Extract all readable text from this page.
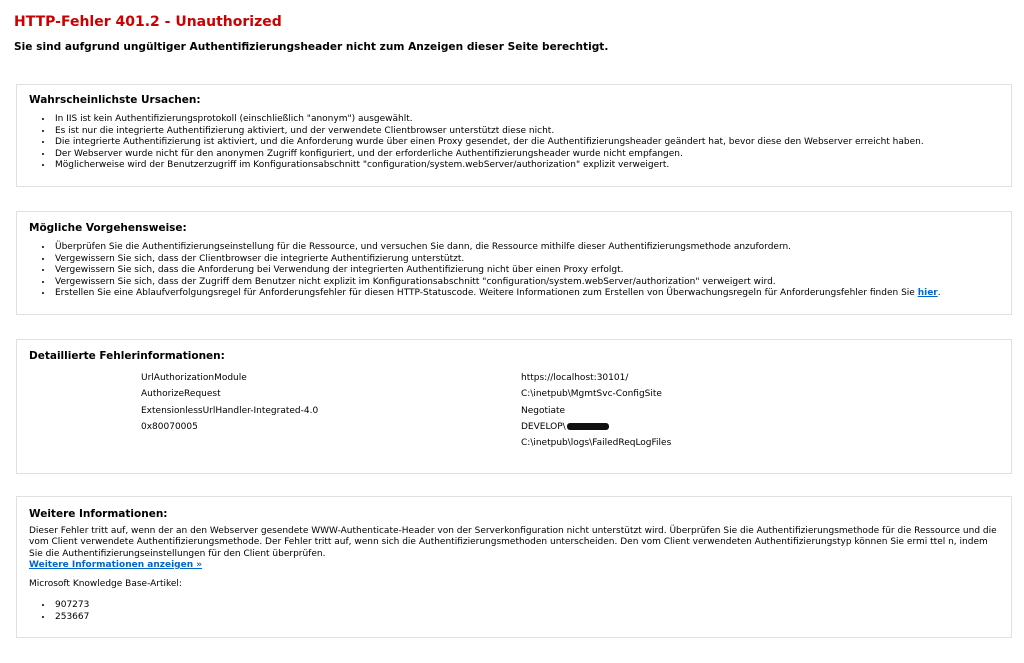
HTTP-Fehler 401.2 - Unauthorized
Sie sind aufgrund ungültiger Authentifizierungsheader nicht zum Anzeigen dieser Seite berechtigt.
Wahrscheinlichste Ursachen:
• In IIS ist kein Authentifizierungsprotokoll (einschließlich "anonym") ausgewählt.
• Es ist nur die integrierte Authentifizierung aktiviert, und der verwendete Clientbrowser unterstützt diese nicht.
• Die integrierte Authentifizierung ist aktiviert, und die Anforderung wurde über einen Proxy gesendet, der die Authentifizierungsheader geändert hat, bevor diese den Webserver erreicht haben.
• Der Webserver wurde nicht für den anonymen Zugriff konfiguriert, und der erforderliche Authentifizierungsheader wurde nicht empfangen.
• Möglicherweise wird der Benutzerzugriff im Konfigurationsabschnitt "configuration/system.webServer/authorization" explizit verweigert.
Mögliche Vorgehensweise:
• Überprüfen Sie die Authentifizierungseinstellung für die Ressource, und versuchen Sie dann, die Ressource mithilfe dieser Authentifizierungsmethode anzufordern.
• Vergewissern Sie sich, dass der Clientbrowser die integrierte Authentifizierung unterstützt.
• Vergewissern Sie sich, dass die Anforderung bei Verwendung der integrierten Authentifizierung nicht über einen Proxy erfolgt.
• Vergewissern Sie sich, dass der Zugriff dem Benutzer nicht explizit im Konfigurationsabschnitt "configuration/system.webServer/authorization" verweigert wird.
• Erstellen Sie eine Ablaufverfolgungsregel für Anforderungsfehler für diesen HTTP-Statuscode. Weitere Informationen zum Erstellen von Überwachungsregeln für Anforderungsfehler finden Sie hier.
Detaillierte Fehlerinformationen:
UrlAuthorizationModule
AuthorizeRequest
ExtensionlessUrlHandler-Integrated-4.0
0x80070005
https://localhost:30101/
C:\inetpub\MgmtSvc-ConfigSite
Negotiate
DEVELOP\
C:\inetpub\logs\FailedReqLogFiles
Weitere Informationen:

Dieser Fehler tritt auf, wenn der an den Webserver gesendete WWW-Authenticate-Header von der Serverkonfiguration nicht unterstützt wird. Überprüfen Sie die Authentifizierungsmethode für die Ressource und die vom Client verwendete Authentifizierungsmethode. Der Fehler tritt auf, wenn sich die Authentifizierungsmethoden unterscheiden. Den vom Client verwendeten Authentifizierungstyp können Sie ermi ttel n, indem Sie die Authentifizierungseinstellungen für den Client überprüfen.

Weitere Informationen anzeigen »
Microsoft Knowledge Base-Artikel:
• 907273
• 253667
